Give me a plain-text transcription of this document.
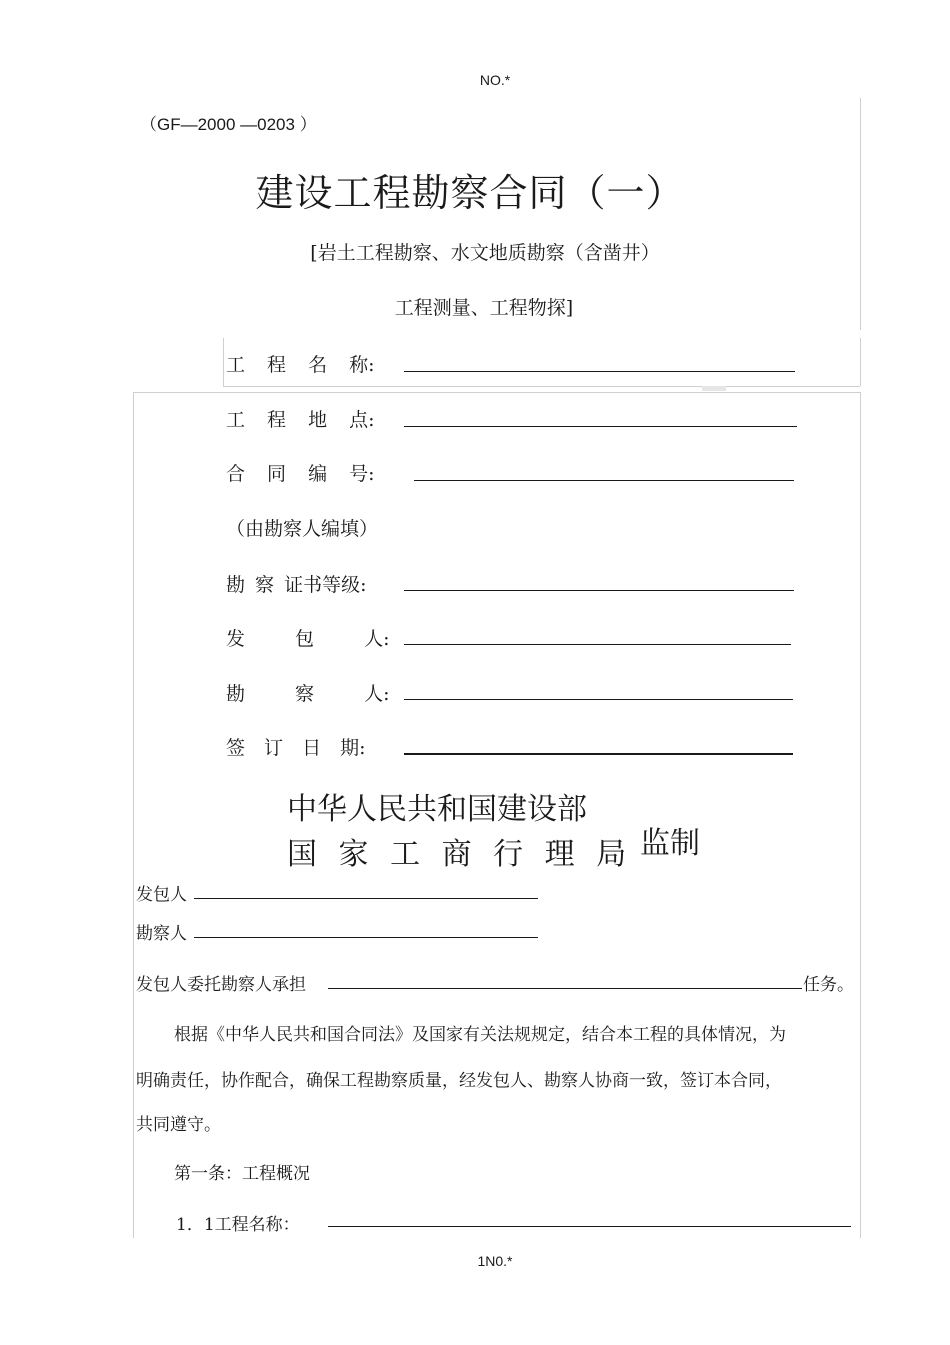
NO.*
（GF—2000 —0203 ）
建设工程勘察合同（一）
[岩土工程勘察、水文地质勘察（含凿井）
工程测量、工程物探]
工 程 名 称:
工 程 地 点:
合 同 编 号:
（由勘察人编填）
勘 察 证书等级:
发 包 人:
勘 察 人:
签 订 日 期:
中华人民共和国建设部
国 家 工 商 行 理 局 监制
发包人
勘察人
发包人委托勘察人承担	任务。
根据《中华人民共和国合同法》及国家有关法规规定，结合本工程的具体情况，为
明确责任，协作配合，确保工程勘察质量，经发包人、勘察人协商一致，签订本合同，
共同遵守。
第一条：工程概况
1．1工程名称：
1N0.*
